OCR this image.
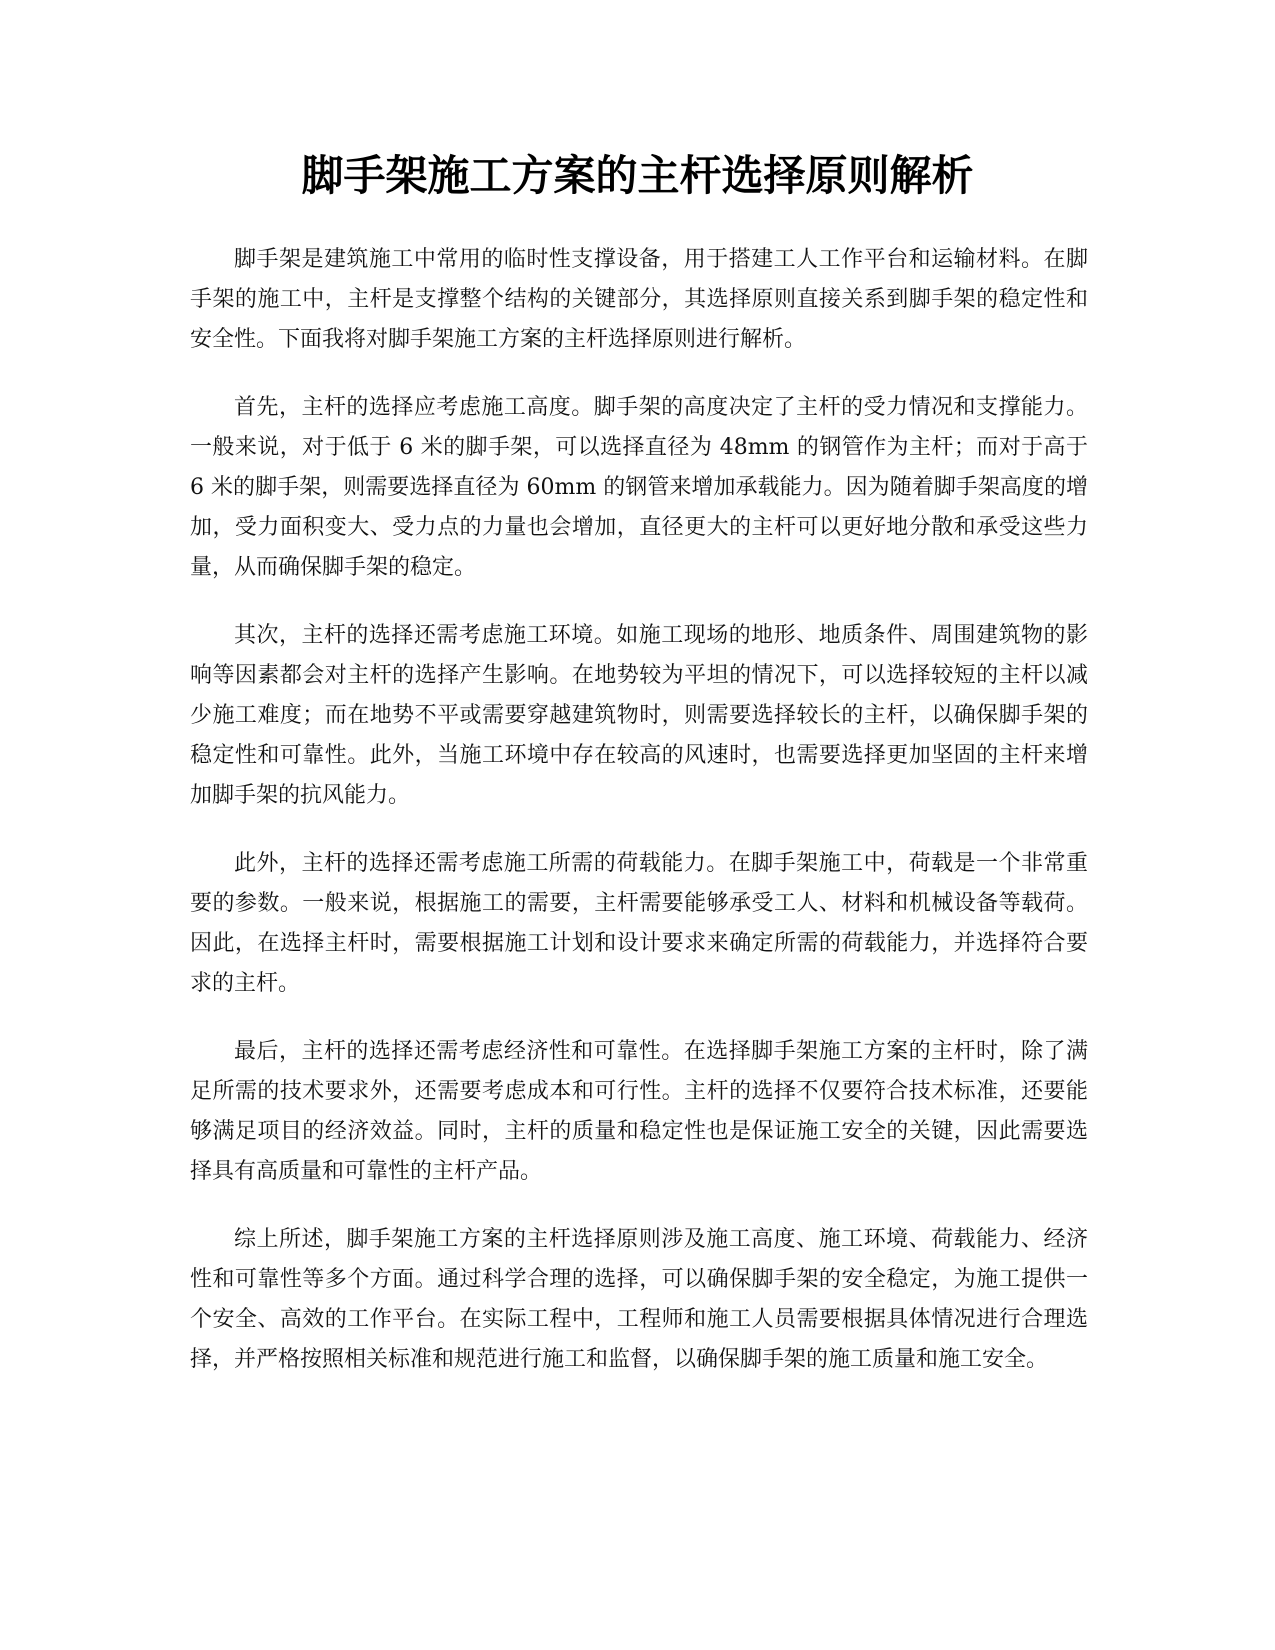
脚手架施工方案的主杆选择原则解析

脚手架是建筑施工中常用的临时性支撑设备，用于搭建工人工作平台和运输材料。在脚手架的施工中，主杆是支撑整个结构的关键部分，其选择原则直接关系到脚手架的稳定性和安全性。下面我将对脚手架施工方案的主杆选择原则进行解析。

首先，主杆的选择应考虑施工高度。脚手架的高度决定了主杆的受力情况和支撑能力。一般来说，对于低于 6 米的脚手架，可以选择直径为 48mm 的钢管作为主杆；而对于高于 6 米的脚手架，则需要选择直径为 60mm 的钢管来增加承载能力。因为随着脚手架高度的增加，受力面积变大、受力点的力量也会增加，直径更大的主杆可以更好地分散和承受这些力量，从而确保脚手架的稳定。

其次，主杆的选择还需考虑施工环境。如施工现场的地形、地质条件、周围建筑物的影响等因素都会对主杆的选择产生影响。在地势较为平坦的情况下，可以选择较短的主杆以减少施工难度；而在地势不平或需要穿越建筑物时，则需要选择较长的主杆，以确保脚手架的稳定性和可靠性。此外，当施工环境中存在较高的风速时，也需要选择更加坚固的主杆来增加脚手架的抗风能力。

此外，主杆的选择还需考虑施工所需的荷载能力。在脚手架施工中，荷载是一个非常重要的参数。一般来说，根据施工的需要，主杆需要能够承受工人、材料和机械设备等载荷。因此，在选择主杆时，需要根据施工计划和设计要求来确定所需的荷载能力，并选择符合要求的主杆。

最后，主杆的选择还需考虑经济性和可靠性。在选择脚手架施工方案的主杆时，除了满足所需的技术要求外，还需要考虑成本和可行性。主杆的选择不仅要符合技术标准，还要能够满足项目的经济效益。同时，主杆的质量和稳定性也是保证施工安全的关键，因此需要选择具有高质量和可靠性的主杆产品。

综上所述，脚手架施工方案的主杆选择原则涉及施工高度、施工环境、荷载能力、经济性和可靠性等多个方面。通过科学合理的选择，可以确保脚手架的安全稳定，为施工提供一个安全、高效的工作平台。在实际工程中，工程师和施工人员需要根据具体情况进行合理选择，并严格按照相关标准和规范进行施工和监督，以确保脚手架的施工质量和施工安全。
